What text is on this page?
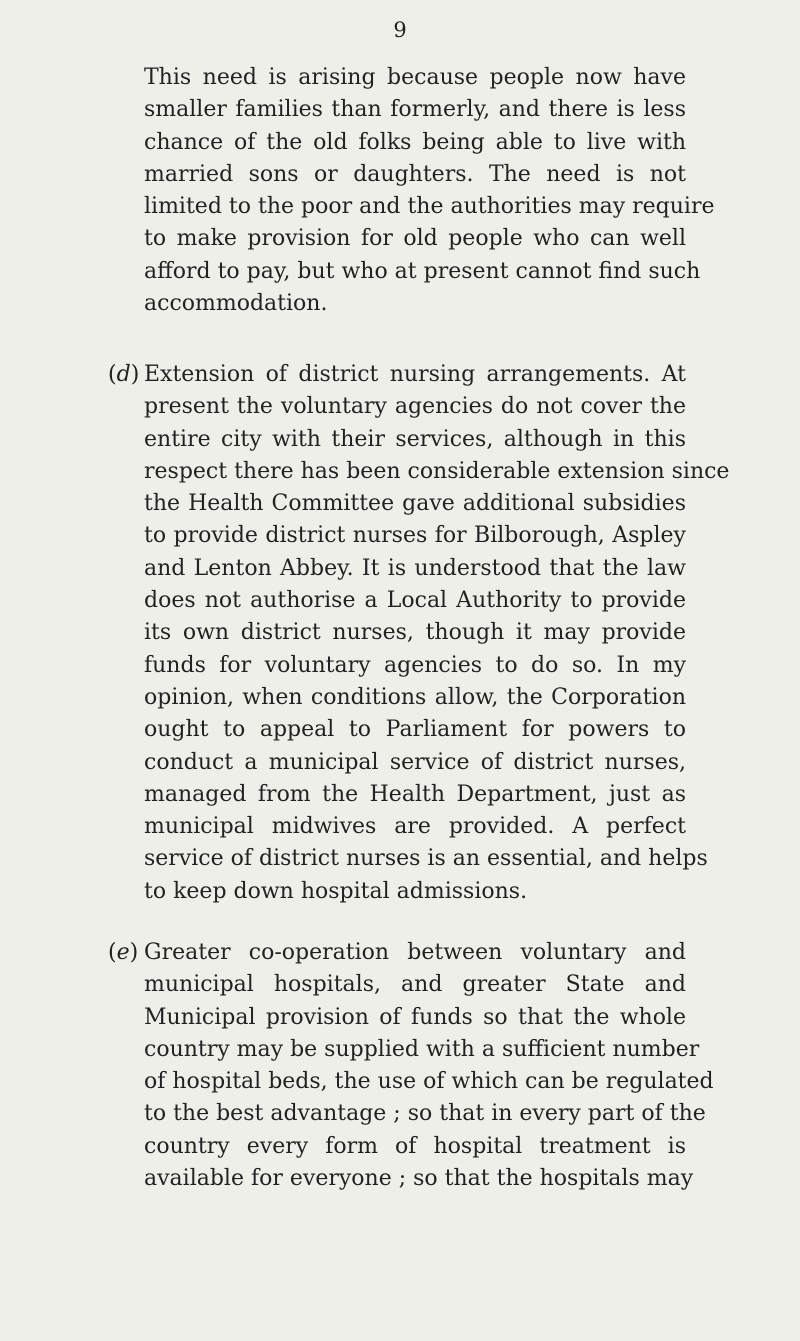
9
This need is arising because people now have
smaller families than formerly, and there is less
chance of the old folks being able to live with
married sons or daughters. The need is not
limited to the poor and the authorities may require
to make provision for old people who can well
afford to pay, but who at present cannot find such
accommodation.
(d) Extension of district nursing arrangements. At
present the voluntary agencies do not cover the
entire city with their services, although in this
respect there has been considerable extension since
the Health Committee gave additional subsidies
to provide district nurses for Bilborough, Aspley
and Lenton Abbey. It is understood that the law
does not authorise a Local Authority to provide
its own district nurses, though it may provide
funds for voluntary agencies to do so. In my
opinion, when conditions allow, the Corporation
ought to appeal to Parliament for powers to
conduct a municipal service of district nurses,
managed from the Health Department, just as
municipal midwives are provided. A perfect
service of district nurses is an essential, and helps
to keep down hospital admissions.
(e) Greater co-operation between voluntary and
municipal hospitals, and greater State and
Municipal provision of funds so that the whole
country may be supplied with a sufficient number
of hospital beds, the use of which can be regulated
to the best advantage ; so that in every part of the
country every form of hospital treatment is
available for everyone ; so that the hospitals may
